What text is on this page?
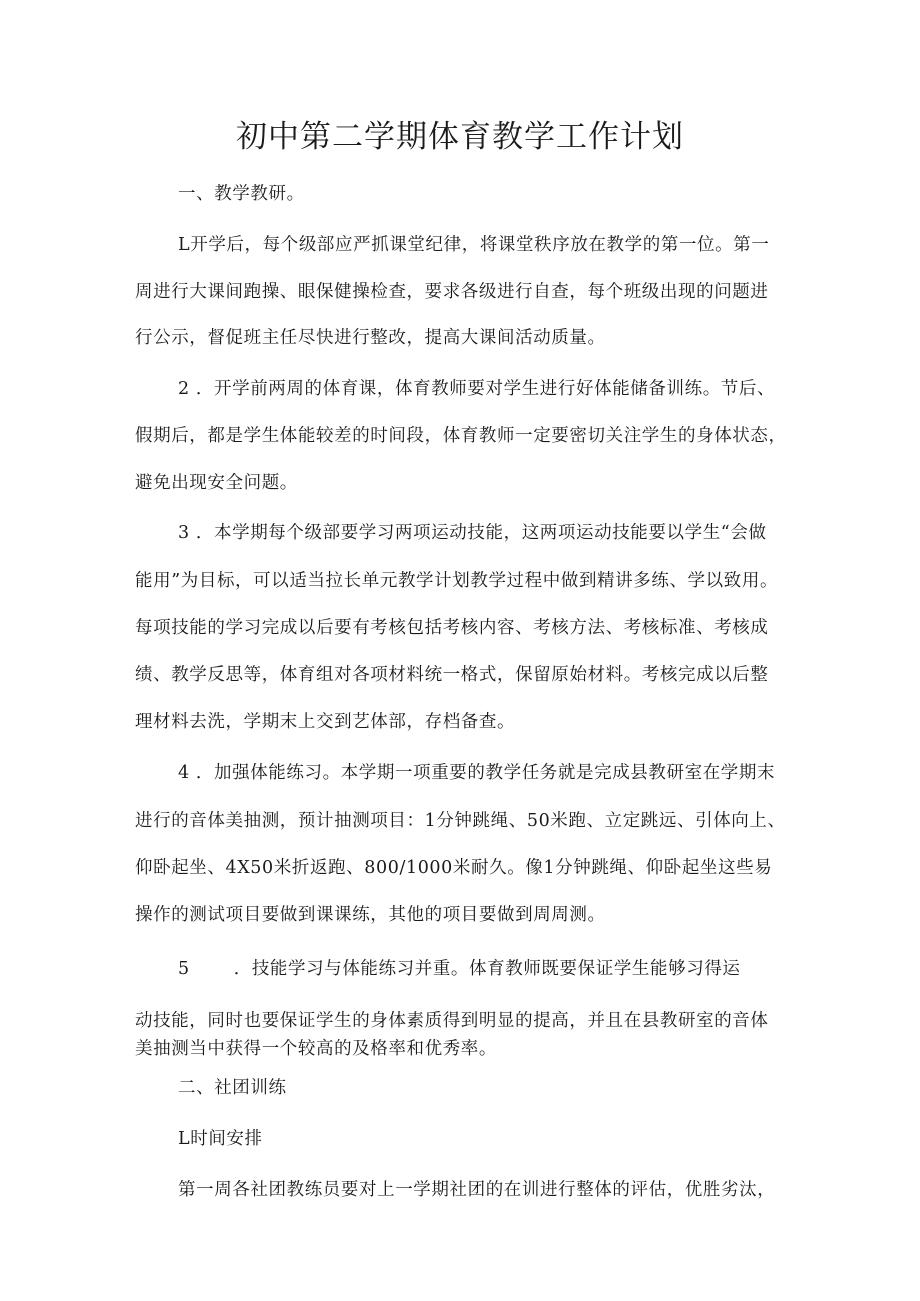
初中第二学期体育教学工作计划

一、教学教研。

L开学后，每个级部应严抓课堂纪律，将课堂秩序放在教学的第一位。第一

周进行大课间跑操、眼保健操检查，要求各级进行自查，每个班级出现的问题进

行公示，督促班主任尽快进行整改，提高大课间活动质量。

2 ．开学前两周的体育课，体育教师要对学生进行好体能储备训练。节后、

假期后，都是学生体能较差的时间段，体育教师一定要密切关注学生的身体状态，

避免出现安全问题。

3 ．本学期每个级部要学习两项运动技能，这两项运动技能要以学生“会做

能用”为目标，可以适当拉长单元教学计划教学过程中做到精讲多练、学以致用。

每项技能的学习完成以后要有考核包括考核内容、考核方法、考核标准、考核成

绩、教学反思等，体育组对各项材料统一格式，保留原始材料。考核完成以后整

理材料去洗，学期末上交到艺体部，存档备查。

4 ．加强体能练习。本学期一项重要的教学任务就是完成县教研室在学期末

进行的音体美抽测，预计抽测项目：1分钟跳绳、50米跑、立定跳远、引体向上、

仰卧起坐、4X50米折返跑、800/1000米耐久。像1分钟跳绳、仰卧起坐这些易

操作的测试项目要做到课课练，其他的项目要做到周周测。

5	．技能学习与体能练习并重。体育教师既要保证学生能够习得运

动技能，同时也要保证学生的身体素质得到明显的提高，并且在县教研室的音体

美抽测当中获得一个较高的及格率和优秀率。

二、社团训练

L时间安排

第一周各社团教练员要对上一学期社团的在训进行整体的评估，优胜劣汰，
